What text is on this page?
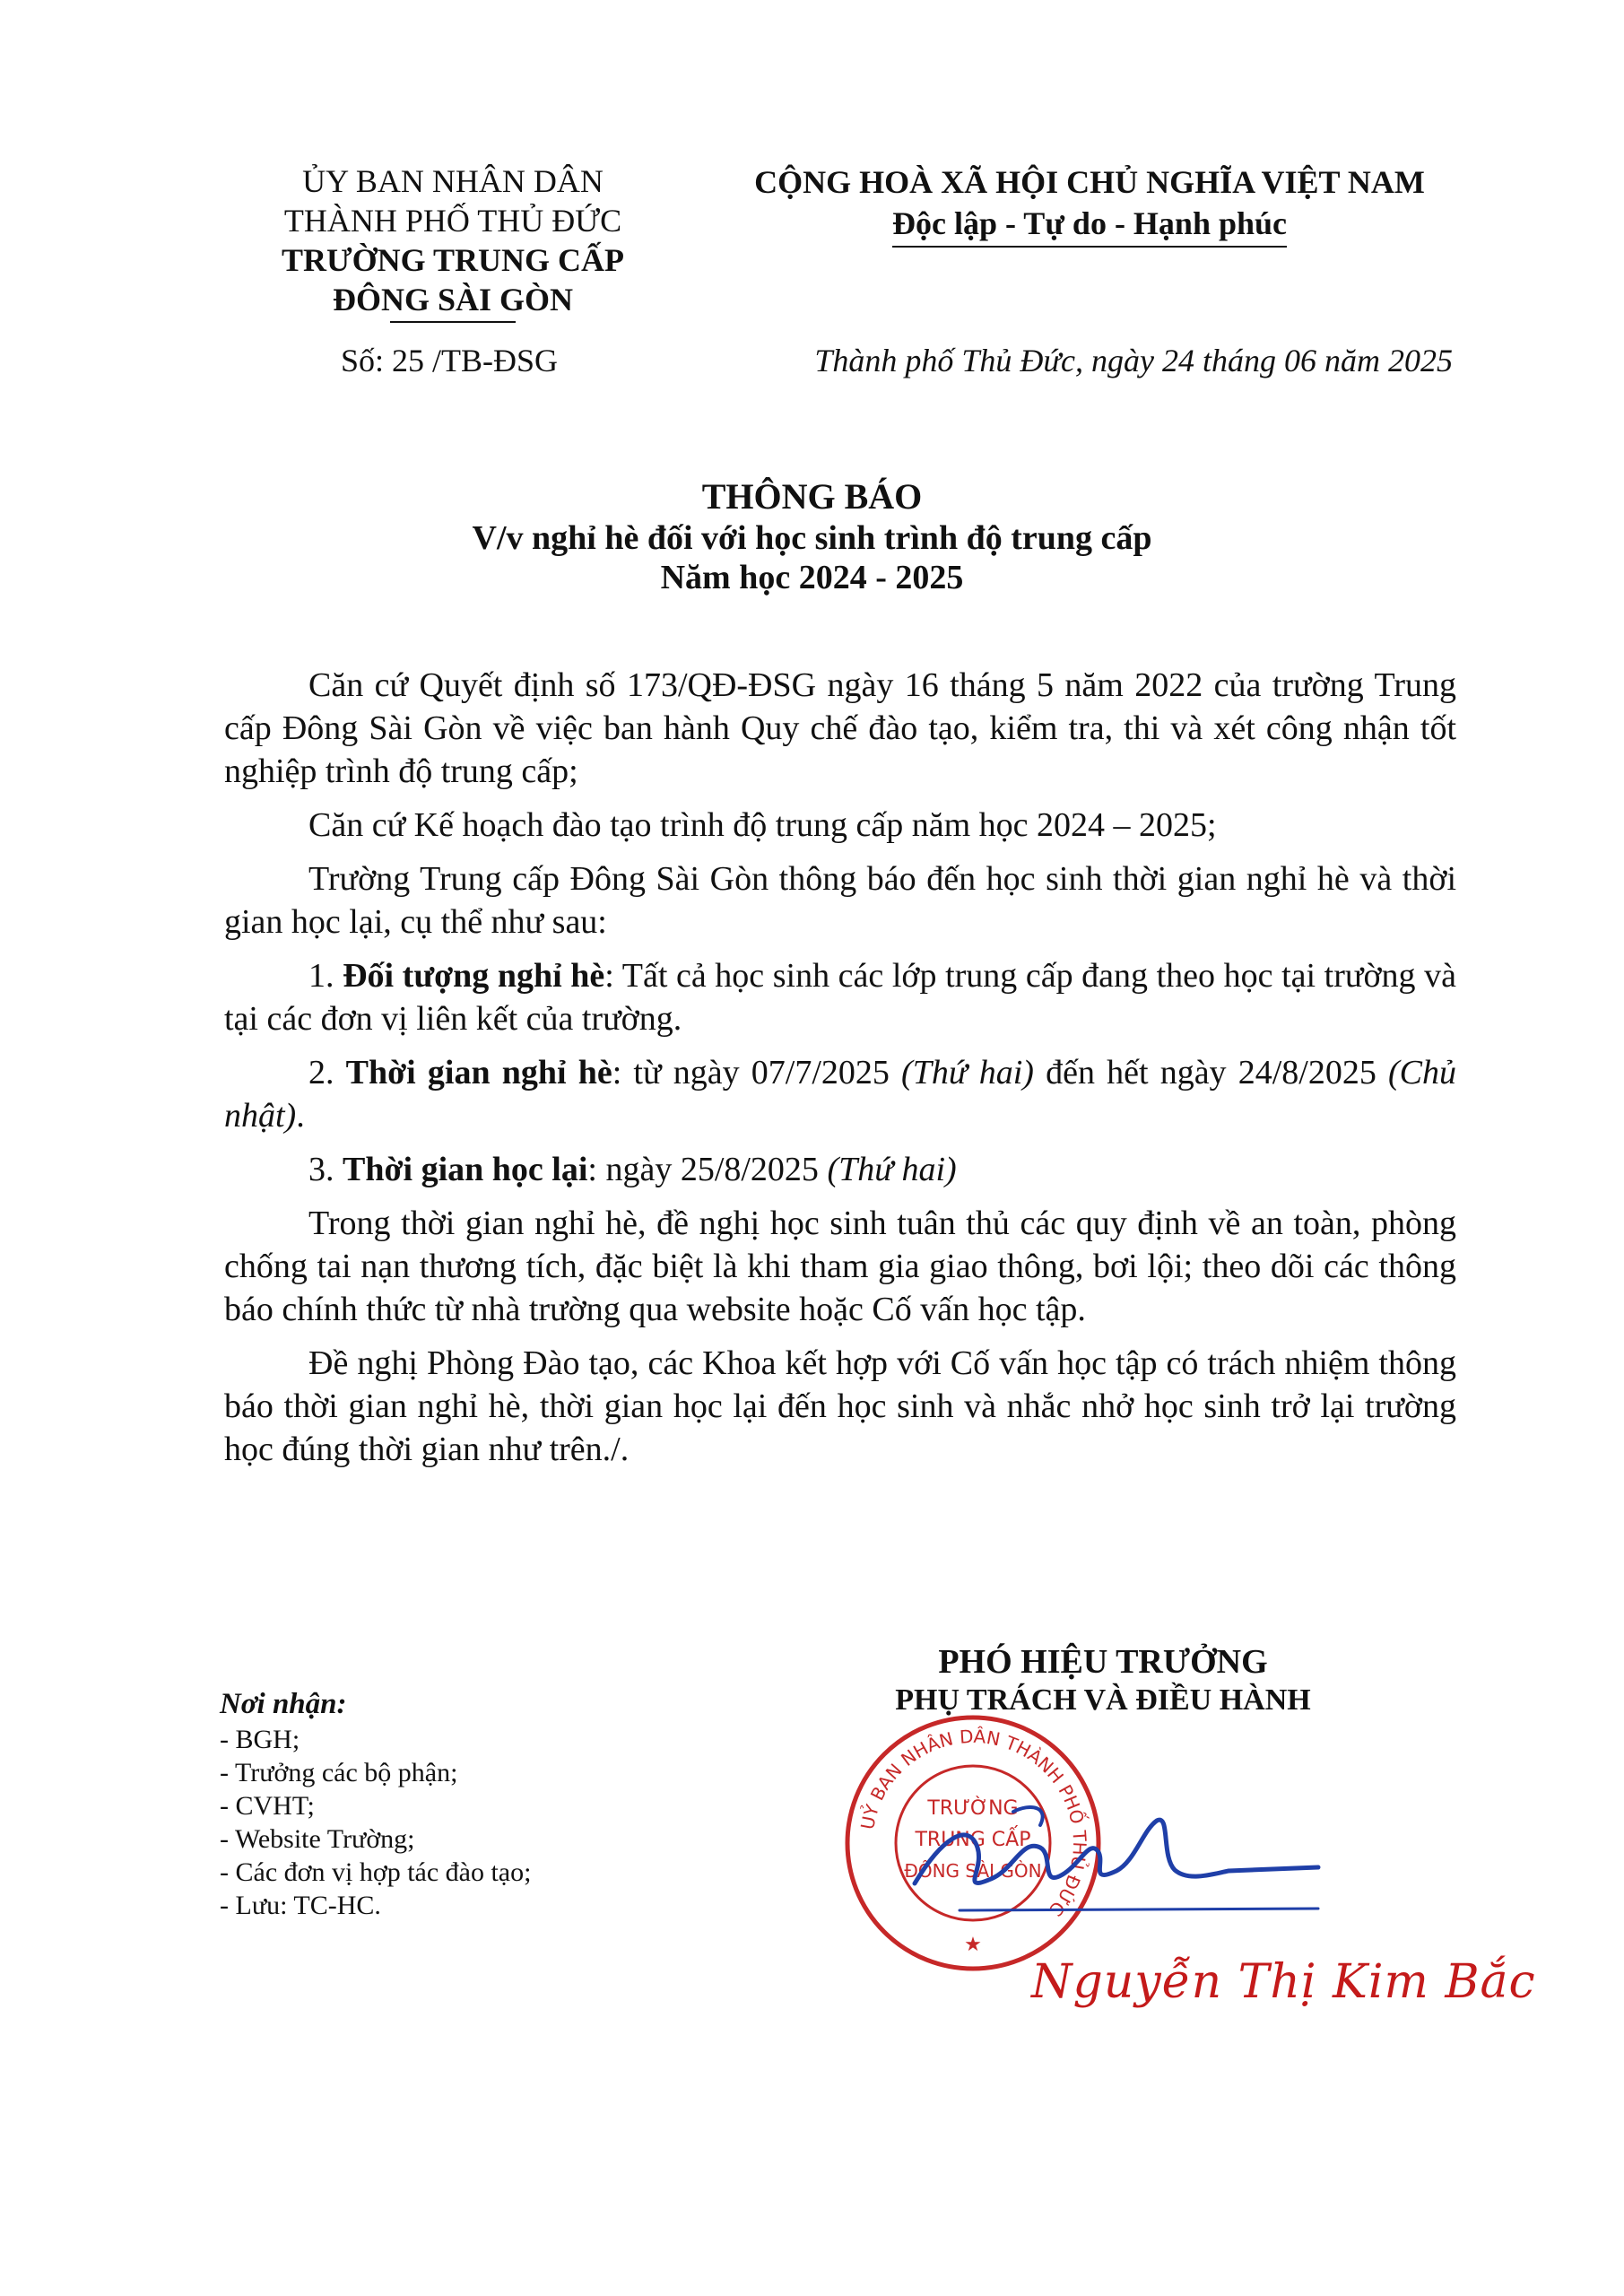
ỦY BAN NHÂN DÂN
THÀNH PHỐ THỦ ĐỨC
TRƯỜNG TRUNG CẤP
ĐÔNG SÀI GÒN
Số: 25 /TB-ĐSG
CỘNG HOÀ XÃ HỘI CHỦ NGHĨA VIỆT NAM
Độc lập - Tự do - Hạnh phúc
Thành phố Thủ Đức, ngày 24 tháng 06 năm 2025
THÔNG BÁO
V/v nghỉ hè đối với học sinh trình độ trung cấp
Năm học 2024 - 2025

Căn cứ Quyết định số 173/QĐ-ĐSG ngày 16 tháng 5 năm 2022 của trường Trung cấp Đông Sài Gòn về việc ban hành Quy chế đào tạo, kiểm tra, thi và xét công nhận tốt nghiệp trình độ trung cấp;

Căn cứ Kế hoạch đào tạo trình độ trung cấp năm học 2024 – 2025;

Trường Trung cấp Đông Sài Gòn thông báo đến học sinh thời gian nghỉ hè và thời gian học lại, cụ thể như sau:

1. Đối tượng nghỉ hè: Tất cả học sinh các lớp trung cấp đang theo học tại trường và tại các đơn vị liên kết của trường.

2. Thời gian nghỉ hè: từ ngày 07/7/2025 (Thứ hai) đến hết ngày 24/8/2025 (Chủ nhật).

3. Thời gian học lại: ngày 25/8/2025 (Thứ hai)

Trong thời gian nghỉ hè, đề nghị học sinh tuân thủ các quy định về an toàn, phòng chống tai nạn thương tích, đặc biệt là khi tham gia giao thông, bơi lội; theo dõi các thông báo chính thức từ nhà trường qua website hoặc Cố vấn học tập.

Đề nghị Phòng Đào tạo, các Khoa kết hợp với Cố vấn học tập có trách nhiệm thông báo thời gian nghỉ hè, thời gian học lại đến học sinh và nhắc nhở học sinh trở lại trường học đúng thời gian như trên./.

Nơi nhận:
- BGH;
- Trưởng các bộ phận;
- CVHT;
- Website Trường;
- Các đơn vị hợp tác đào tạo;
- Lưu: TC-HC.
PHÓ HIỆU TRƯỞNG
PHỤ TRÁCH VÀ ĐIỀU HÀNH
UỶ BAN NHÂN DÂN THÀNH PHỐ THỦ ĐỨC
TRƯỜNG
TRUNG CẤP
ĐÔNG SÀI GÒN
★
Nguyễn Thị Kim Bắc
